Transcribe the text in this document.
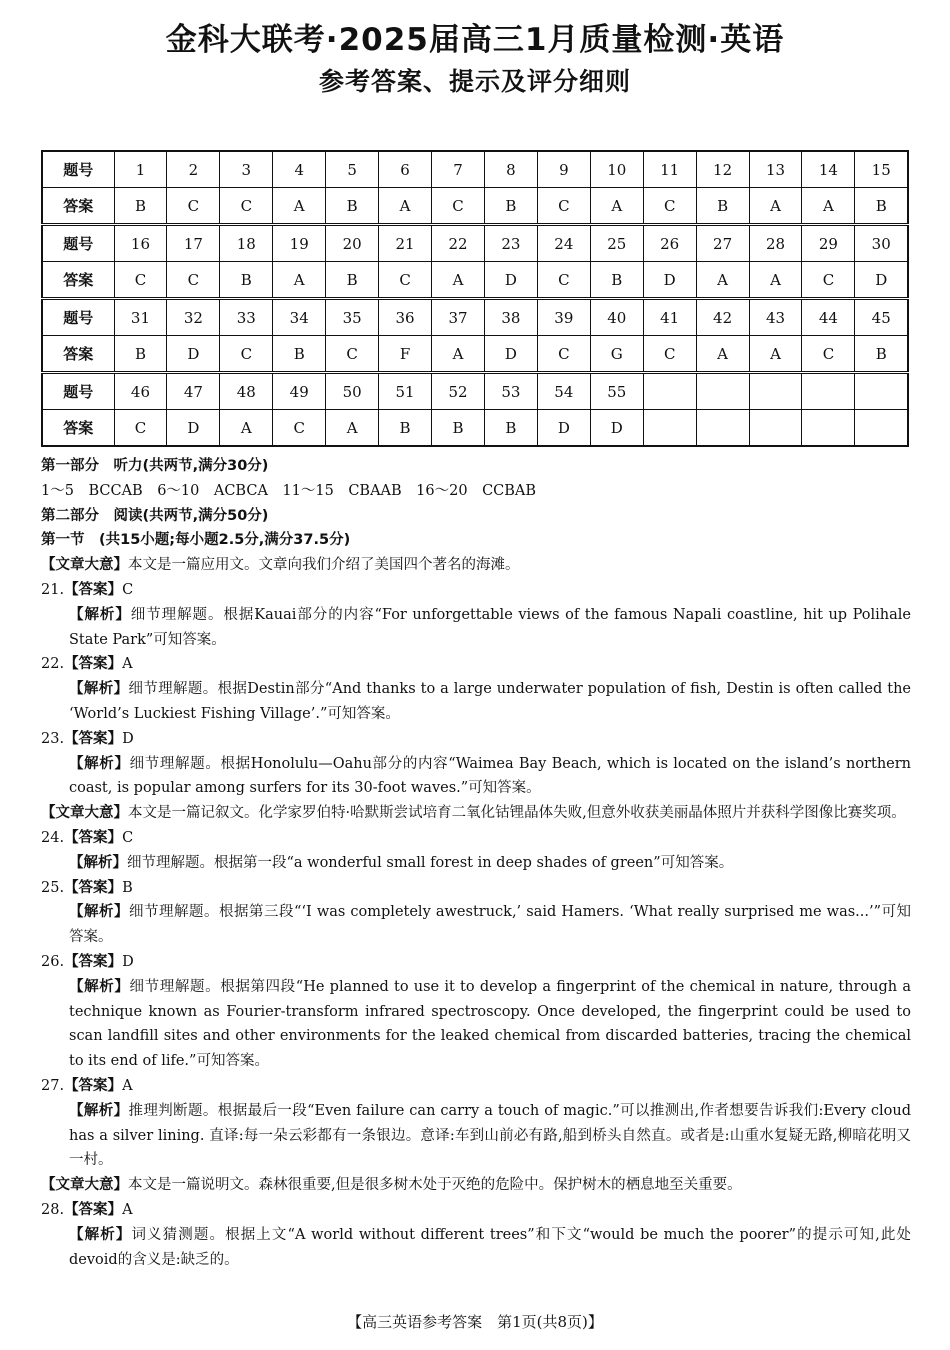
金科大联考·2025届高三1月质量检测·英语
参考答案、提示及评分细则
题号	1	2	3	4	5	6	7	8	9	10	11	12	13	14	15
答案	B	C	C	A	B	A	C	B	C	A	C	B	A	A	B
题号	16	17	18	19	20	21	22	23	24	25	26	27	28	29	30
答案	C	C	B	A	B	C	A	D	C	B	D	A	A	C	D
题号	31	32	33	34	35	36	37	38	39	40	41	42	43	44	45
答案	B	D	C	B	C	F	A	D	C	G	C	A	A	C	B
题号	46	47	48	49	50	51	52	53	54	55					
答案	C	D	A	C	A	B	B	B	D	D					

第一部分　听力(共两节,满分30分)

1～5　BCCAB　6～10　ACBCA　11～15　CBAAB　16～20　CCBAB

第二部分　阅读(共两节,满分50分)

第一节　(共15小题;每小题2.5分,满分37.5分)

【文章大意】本文是一篇应用文。文章向我们介绍了美国四个著名的海滩。

21.【答案】C

【解析】细节理解题。根据Kauai部分的内容“For unforgettable views of the famous Napali coastline, hit up Polihale State Park”可知答案。

22.【答案】A

【解析】细节理解题。根据Destin部分“And thanks to a large underwater population of fish, Destin is often called the ‘World’s Luckiest Fishing Village’.”可知答案。

23.【答案】D

【解析】细节理解题。根据Honolulu—Oahu部分的内容“Waimea Bay Beach, which is located on the island’s northern coast, is popular among surfers for its 30-foot waves.”可知答案。

【文章大意】本文是一篇记叙文。化学家罗伯特·哈默斯尝试培育二氧化钴锂晶体失败,但意外收获美丽晶体照片并获科学图像比赛奖项。

24.【答案】C

【解析】细节理解题。根据第一段“a wonderful small forest in deep shades of green”可知答案。

25.【答案】B

【解析】细节理解题。根据第三段“‘I was completely awestruck,’ said Hamers. ‘What really surprised me was...’”可知答案。

26.【答案】D

【解析】细节理解题。根据第四段“He planned to use it to develop a fingerprint of the chemical in nature, through a technique known as Fourier-transform infrared spectroscopy. Once developed, the fingerprint could be used to scan landfill sites and other environments for the leaked chemical from discarded batteries, tracing the chemical to its end of life.”可知答案。

27.【答案】A

【解析】推理判断题。根据最后一段“Even failure can carry a touch of magic.”可以推测出,作者想要告诉我们:Every cloud has a silver lining. 直译:每一朵云彩都有一条银边。意译:车到山前必有路,船到桥头自然直。或者是:山重水复疑无路,柳暗花明又一村。

【文章大意】本文是一篇说明文。森林很重要,但是很多树木处于灭绝的危险中。保护树木的栖息地至关重要。

28.【答案】A

【解析】词义猜测题。根据上文“A world without different trees”和下文“would be much the poorer”的提示可知,此处devoid的含义是:缺乏的。

【高三英语参考答案　第1页(共8页)】
